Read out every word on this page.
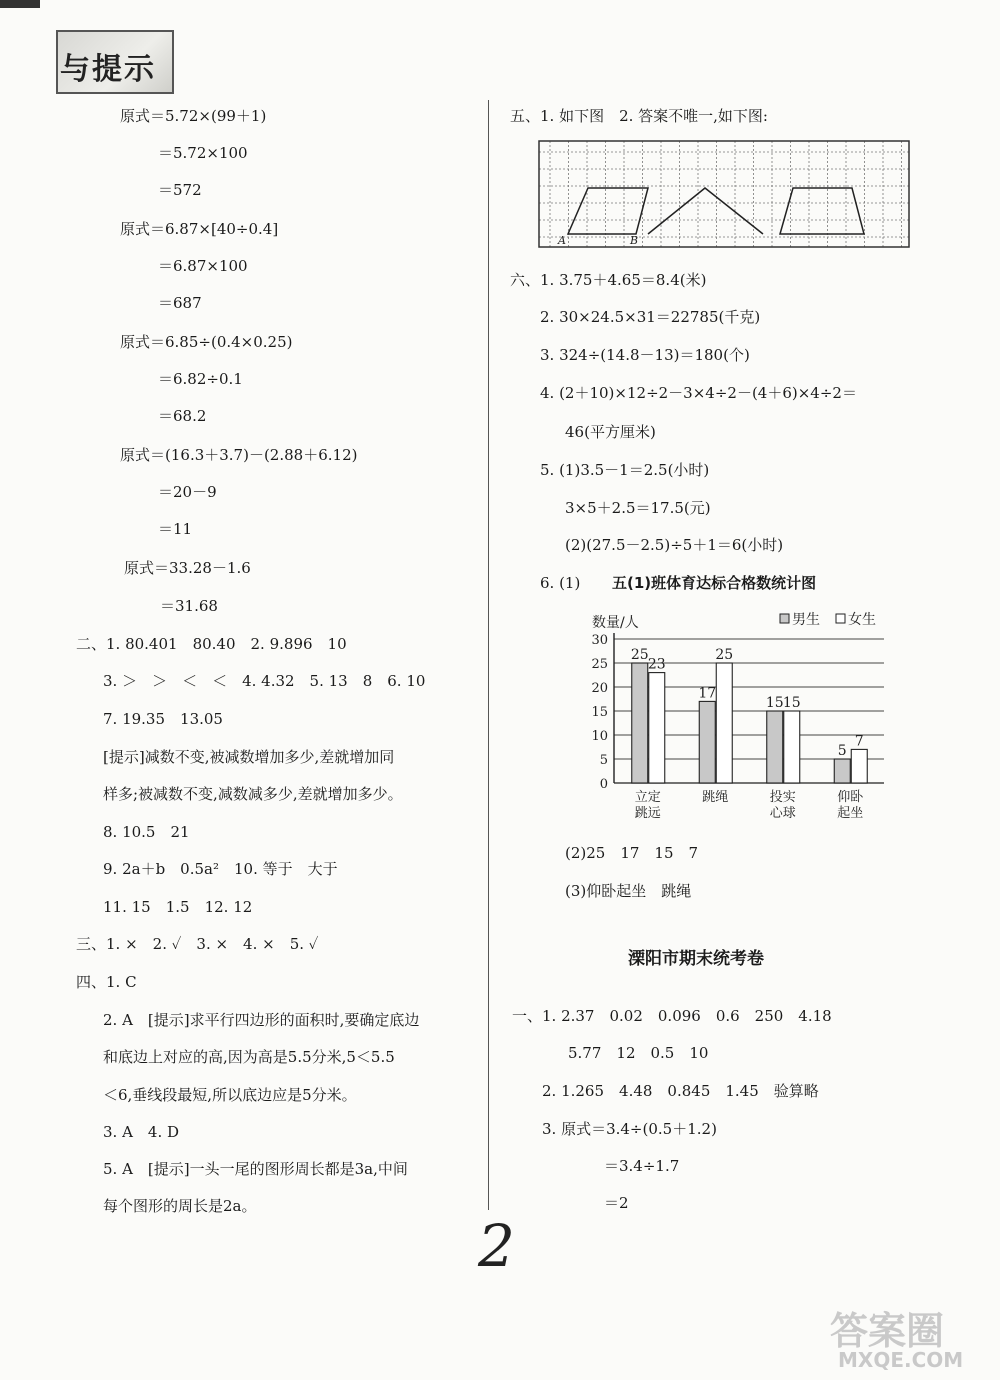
与提示
原式＝5.72×(99＋1)
＝5.72×100
＝572
原式＝6.87×[40÷0.4]
＝6.87×100
＝687
原式＝6.85÷(0.4×0.25)
＝6.82÷0.1
＝68.2
原式＝(16.3＋3.7)－(2.88＋6.12)
＝20－9
＝11
原式＝33.28－1.6
＝31.68
二、1. 80.401　80.40　2. 9.896　10
3. ＞　＞　＜　＜　4. 4.32　5. 13　8　6. 10
7. 19.35　13.05
[提示]减数不变,被减数增加多少,差就增加同
样多;被减数不变,减数减多少,差就增加多少。
8. 10.5　21
9. 2a＋b　0.5a²　10. 等于　大于
11. 15　1.5　12. 12
三、1. ×　2. ✓　3. ×　4. ×　5. ✓
四、1. C
2. A　[提示]求平行四边形的面积时,要确定底边
和底边上对应的高,因为高是5.5分米,5＜5.5
＜6,垂线段最短,所以底边应是5分米。
3. A　4. D
5. A　[提示]一头一尾的图形周长都是3a,中间
每个图形的周长是2a。
五、1. 如下图　2. 答案不唯一,如下图:
A	B
六、1. 3.75＋4.65＝8.4(米)
2. 30×24.5×31＝22785(千克)
3. 324÷(14.8－13)＝180(个)
4. (2＋10)×12÷2－3×4÷2－(4＋6)×4÷2＝
46(平方厘米)
5. (1)3.5－1＝2.5(小时)
3×5＋2.5＝17.5(元)
(2)(27.5－2.5)÷5＋1＝6(小时)
6. (1) 五(1)班体育达标合格数统计图
0
5
10
15
20
25
30
数量/人	男生 女生
25
23
立定
跳远
17
25
跳绳
15 15
投实
心球
5
7
仰卧
起坐
(2)25　17　15　7
(3)仰卧起坐　跳绳
溧阳市期末统考卷
一、1. 2.37　0.02　0.096　0.6　250　4.18
5.77　12　0.5　10
2. 1.265　4.48　0.845　1.45　验算略
3. 原式＝3.4÷(0.5＋1.2)
＝3.4÷1.7
＝2
2
答案圈
MXQE.COM
